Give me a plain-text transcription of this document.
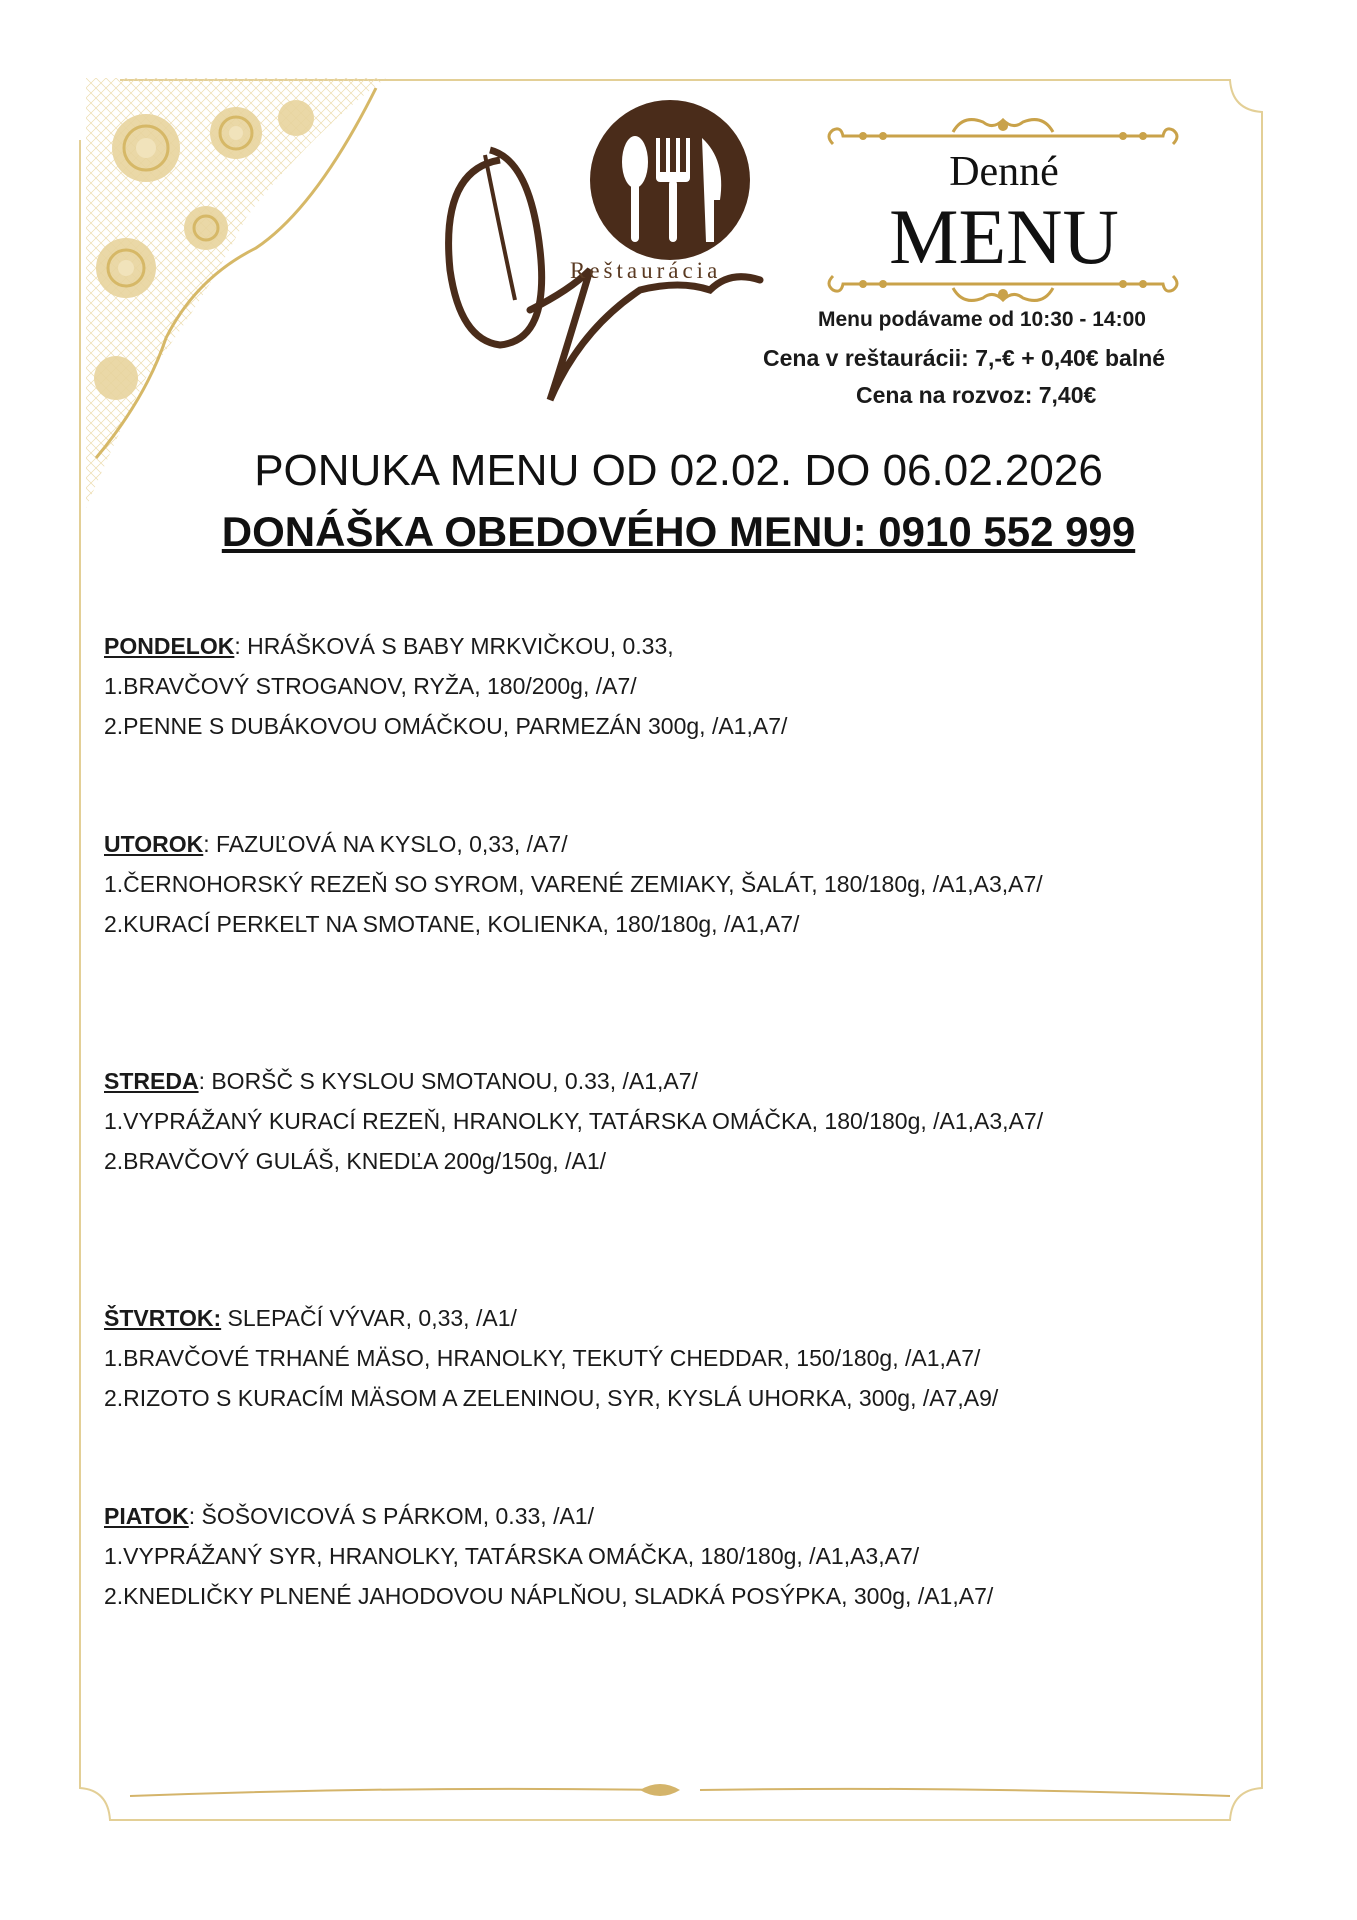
Reštaurácia
Denné
MENU
Menu podávame od 10:30 - 14:00
Cena v reštaurácii: 7,-€ + 0,40€ balné
Cena na rozvoz: 7,40€
PONUKA MENU OD 02.02. DO 06.02.2026
DONÁŠKA OBEDOVÉHO MENU: 0910 552 999

PONDELOK: HRÁŠKOVÁ S BABY MRKVIČKOU, 0.33,

1.BRAVČOVÝ STROGANOV, RYŽA, 180/200g, /A7/

2.PENNE S DUBÁKOVOU OMÁČKOU, PARMEZÁN 300g, /A1,A7/

UTOROK: FAZUĽOVÁ NA KYSLO, 0,33, /A7/

1.ČERNOHORSKÝ REZEŇ SO SYROM, VARENÉ ZEMIAKY, ŠALÁT, 180/180g, /A1,A3,A7/

2.KURACÍ PERKELT NA SMOTANE, KOLIENKA, 180/180g, /A1,A7/

STREDA: BORŠČ S KYSLOU SMOTANOU, 0.33, /A1,A7/

1.VYPRÁŽANÝ KURACÍ REZEŇ, HRANOLKY, TATÁRSKA OMÁČKA, 180/180g, /A1,A3,A7/

2.BRAVČOVÝ GULÁŠ, KNEDĽA 200g/150g, /A1/

ŠTVRTOK: SLEPAČÍ VÝVAR, 0,33, /A1/

1.BRAVČOVÉ TRHANÉ MÄSO, HRANOLKY, TEKUTÝ CHEDDAR, 150/180g, /A1,A7/

2.RIZOTO S KURACÍM MÄSOM A ZELENINOU, SYR, KYSLÁ UHORKA, 300g, /A7,A9/

PIATOK: ŠOŠOVICOVÁ S PÁRKOM, 0.33, /A1/

1.VYPRÁŽANÝ SYR, HRANOLKY, TATÁRSKA OMÁČKA, 180/180g, /A1,A3,A7/

2.KNEDLIČKY PLNENÉ JAHODOVOU NÁPLŇOU, SLADKÁ POSÝPKA, 300g, /A1,A7/
